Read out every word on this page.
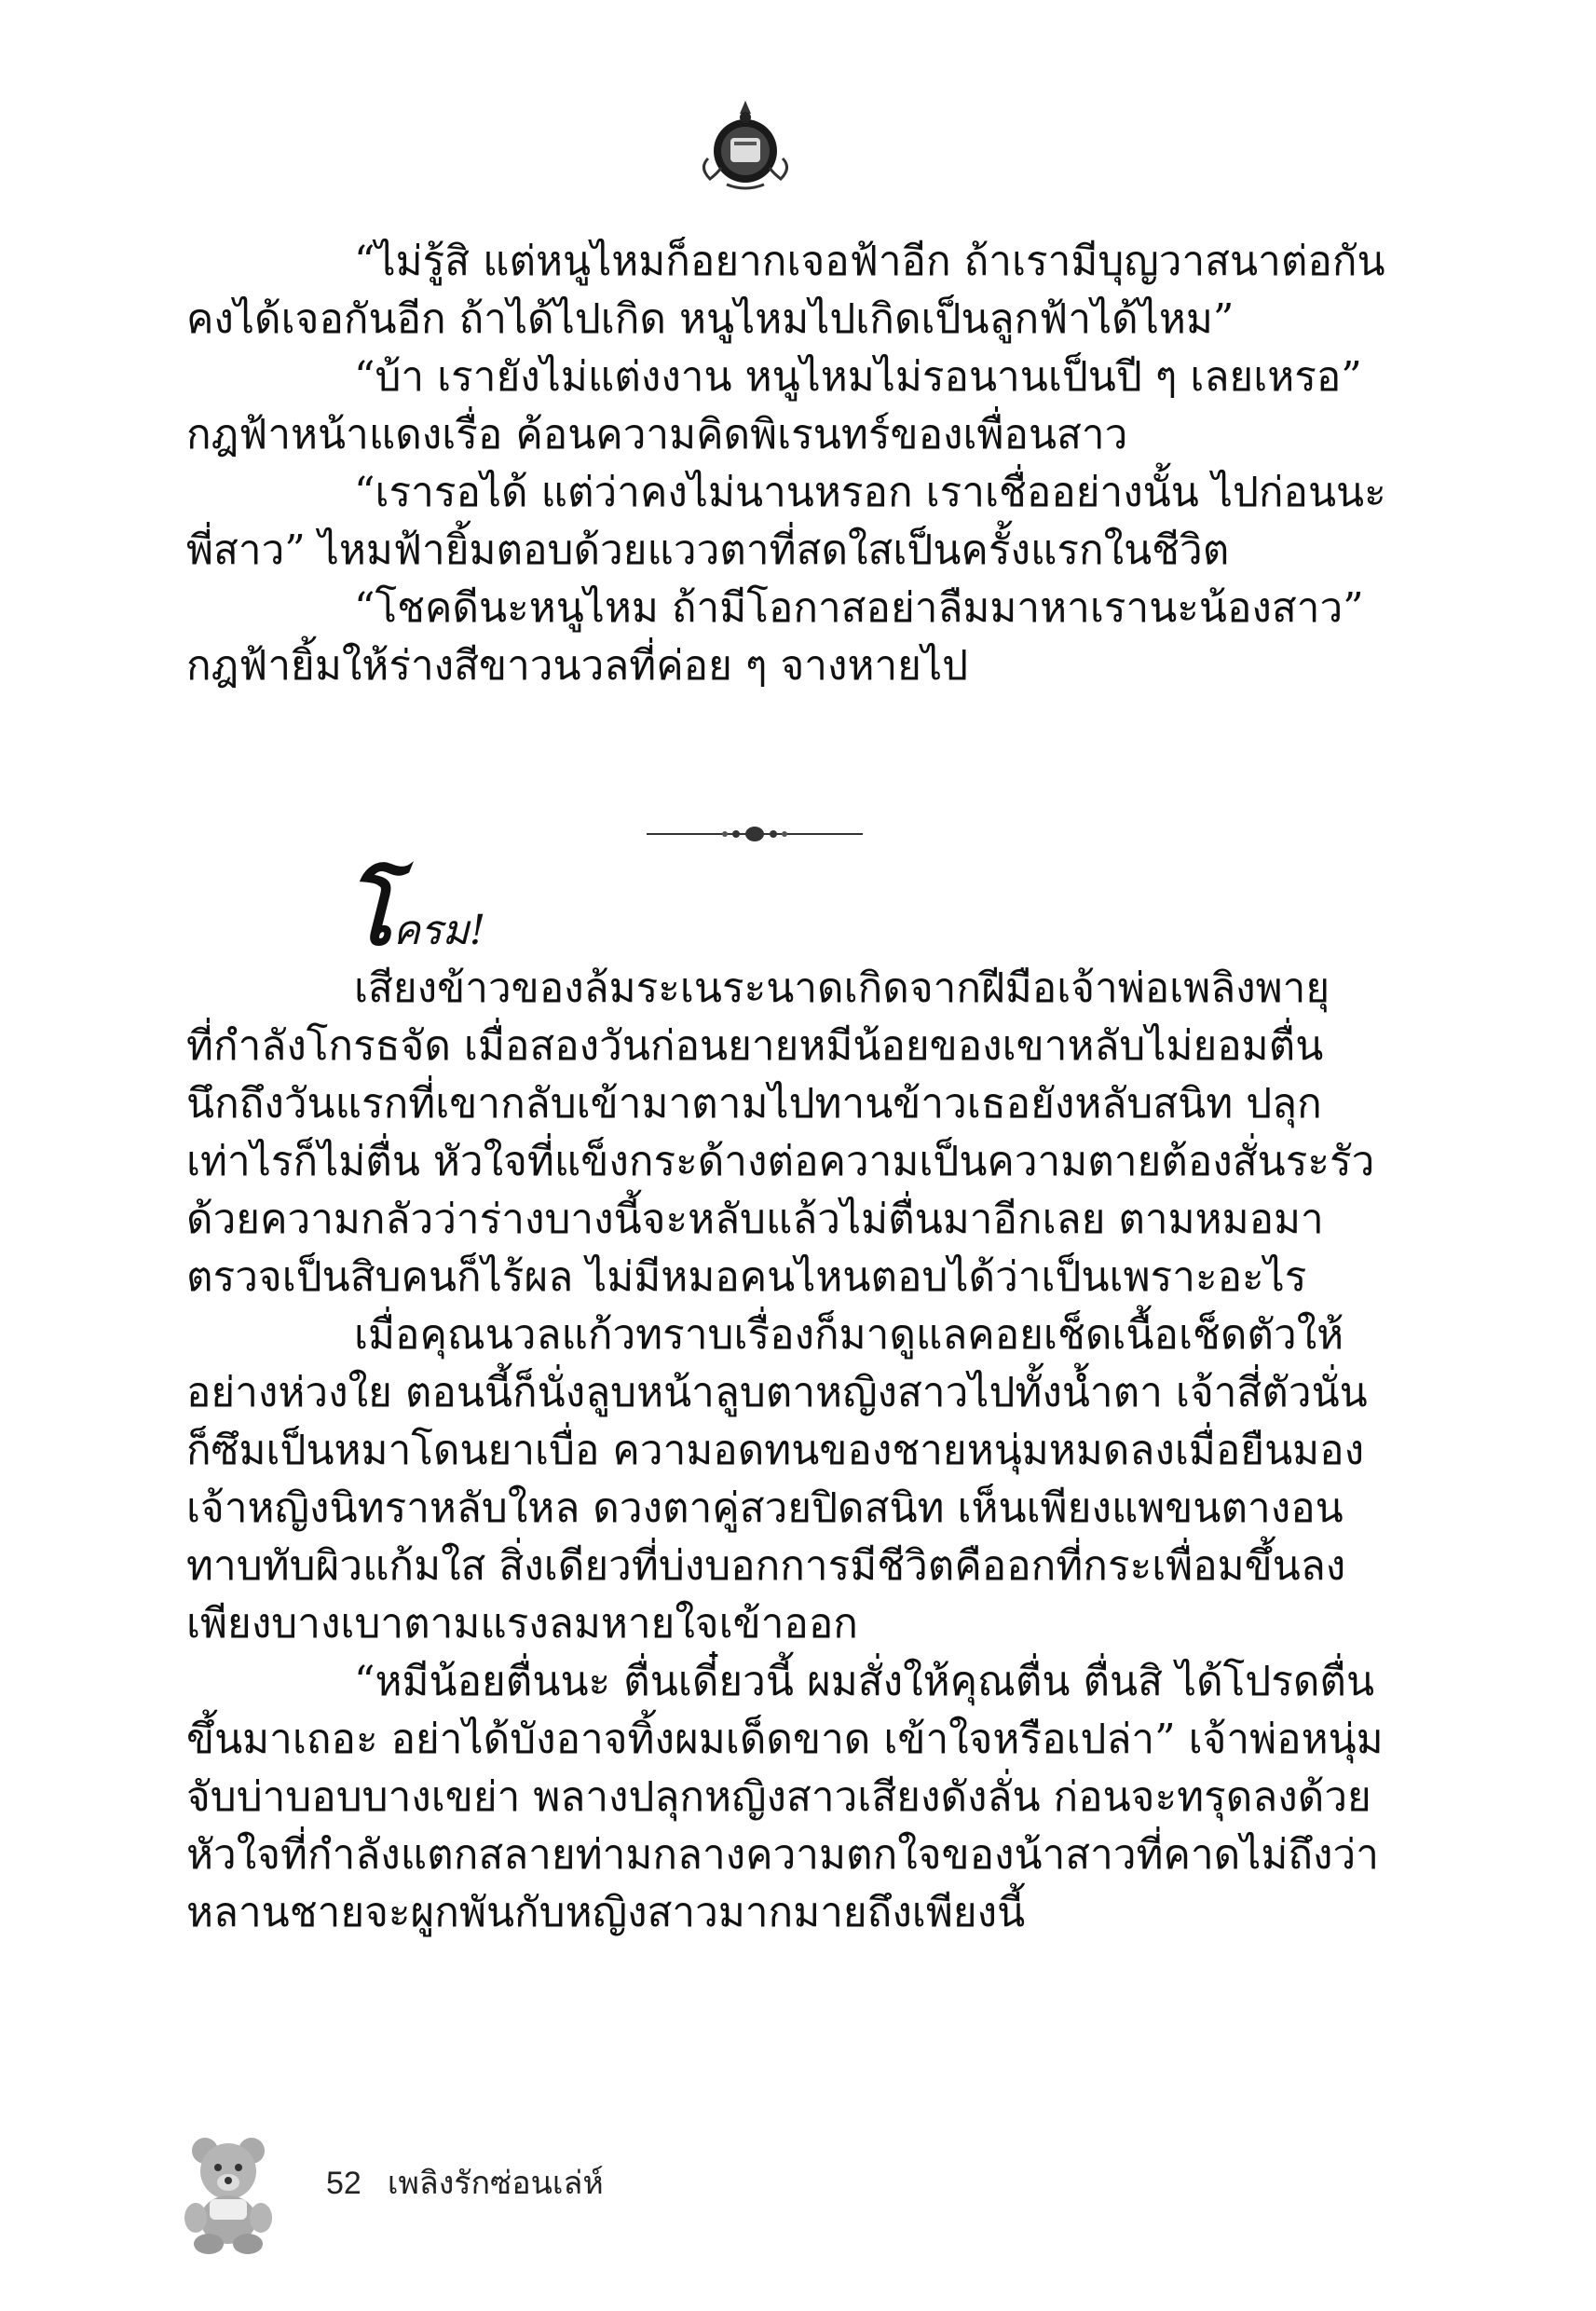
“ไม่รู้สิ แต่หนูไหมก็อยากเจอฟ้าอีก ถ้าเรามีบุญวาสนาต่อกัน
คงได้เจอกันอีก ถ้าได้ไปเกิด หนูไหมไปเกิดเป็นลูกฟ้าได้ไหม”
“บ้า เรายังไม่แต่งงาน หนูไหมไม่รอนานเป็นปี ๆ เลยเหรอ”
กฎฟ้าหน้าแดงเรื่อ ค้อนความคิดพิเรนทร์ของเพื่อนสาว
“เรารอได้ แต่ว่าคงไม่นานหรอก เราเชื่ออย่างนั้น ไปก่อนนะ
พี่สาว” ไหมฟ้ายิ้มตอบด้วยแววตาที่สดใสเป็นครั้งแรกในชีวิต
“โชคดีนะหนูไหม ถ้ามีโอกาสอย่าลืมมาหาเรานะน้องสาว”
กฎฟ้ายิ้มให้ร่างสีขาวนวลที่ค่อย ๆ จางหายไป
โครม!
เสียงข้าวของล้มระเนระนาดเกิดจากฝีมือเจ้าพ่อเพลิงพายุ
ที่กำลังโกรธจัด เมื่อสองวันก่อนยายหมีน้อยของเขาหลับไม่ยอมตื่น
นึกถึงวันแรกที่เขากลับเข้ามาตามไปทานข้าวเธอยังหลับสนิท ปลุก
เท่าไรก็ไม่ตื่น หัวใจที่แข็งกระด้างต่อความเป็นความตายต้องสั่นระรัว
ด้วยความกลัวว่าร่างบางนี้จะหลับแล้วไม่ตื่นมาอีกเลย ตามหมอมา
ตรวจเป็นสิบคนก็ไร้ผล ไม่มีหมอคนไหนตอบได้ว่าเป็นเพราะอะไร
เมื่อคุณนวลแก้วทราบเรื่องก็มาดูแลคอยเช็ดเนื้อเช็ดตัวให้
อย่างห่วงใย ตอนนี้ก็นั่งลูบหน้าลูบตาหญิงสาวไปทั้งน้ำตา เจ้าสี่ตัวนั่น
ก็ซึมเป็นหมาโดนยาเบื่อ ความอดทนของชายหนุ่มหมดลงเมื่อยืนมอง
เจ้าหญิงนิทราหลับใหล ดวงตาคู่สวยปิดสนิท เห็นเพียงแพขนตางอน
ทาบทับผิวแก้มใส สิ่งเดียวที่บ่งบอกการมีชีวิตคืออกที่กระเพื่อมขึ้นลง
เพียงบางเบาตามแรงลมหายใจเข้าออก
“หมีน้อยตื่นนะ ตื่นเดี๋ยวนี้ ผมสั่งให้คุณตื่น ตื่นสิ ได้โปรดตื่น
ขึ้นมาเถอะ อย่าได้บังอาจทิ้งผมเด็ดขาด เข้าใจหรือเปล่า” เจ้าพ่อหนุ่ม
จับบ่าบอบบางเขย่า พลางปลุกหญิงสาวเสียงดังลั่น ก่อนจะทรุดลงด้วย
หัวใจที่กำลังแตกสลายท่ามกลางความตกใจของน้าสาวที่คาดไม่ถึงว่า
หลานชายจะผูกพันกับหญิงสาวมากมายถึงเพียงนี้
52 เพลิงรักซ่อนเล่ห์
